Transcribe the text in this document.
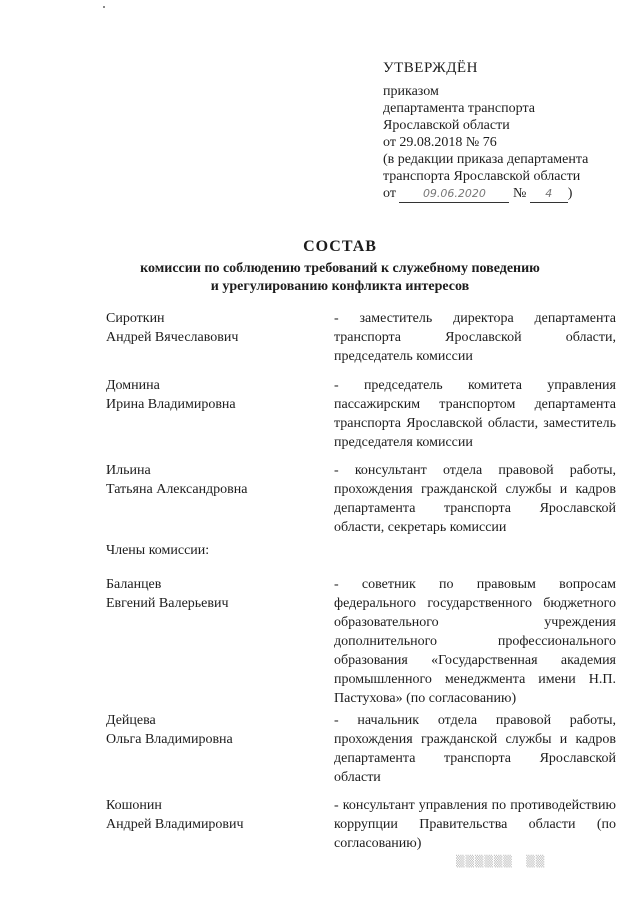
УТВЕРЖДЁН
приказом
департамента транспорта
Ярославской области
от 29.08.2018 № 76
(в редакции приказа департамента
транспорта Ярославской области
от 09.06.2020 № 4 )
СОСТАВ
комиссии по соблюдению требований к служебному поведению
и урегулированию конфликта интересов
Сироткин
Андрей Вячеславович
- заместитель директора департамента транспорта Ярославской области, председатель комиссии
Домнина
Ирина Владимировна
- председатель комитета управления пассажирским транспортом департамента транспорта Ярославской области, заместитель председателя комиссии
Ильина
Татьяна Александровна
- консультант отдела правовой работы, прохождения гражданской службы и кадров департамента транспорта Ярославской области, секретарь комиссии
Члены комиссии:
Баланцев
Евгений Валерьевич
- советник по правовым вопросам федерального государственного бюджетного образовательного учреждения дополнительного профессионального образования «Государственная академия промышленного менеджмента имени Н.П. Пастухова» (по согласованию)
Дейцева
Ольга Владимировна
- начальник отдела правовой работы, прохождения гражданской службы и кадров департамента транспорта Ярославской области
Кошонин
Андрей Владимирович
- консультант управления по противодействию коррупции Правительства области (по согласованию)
▒▒▒▒▒▒   ▒▒
